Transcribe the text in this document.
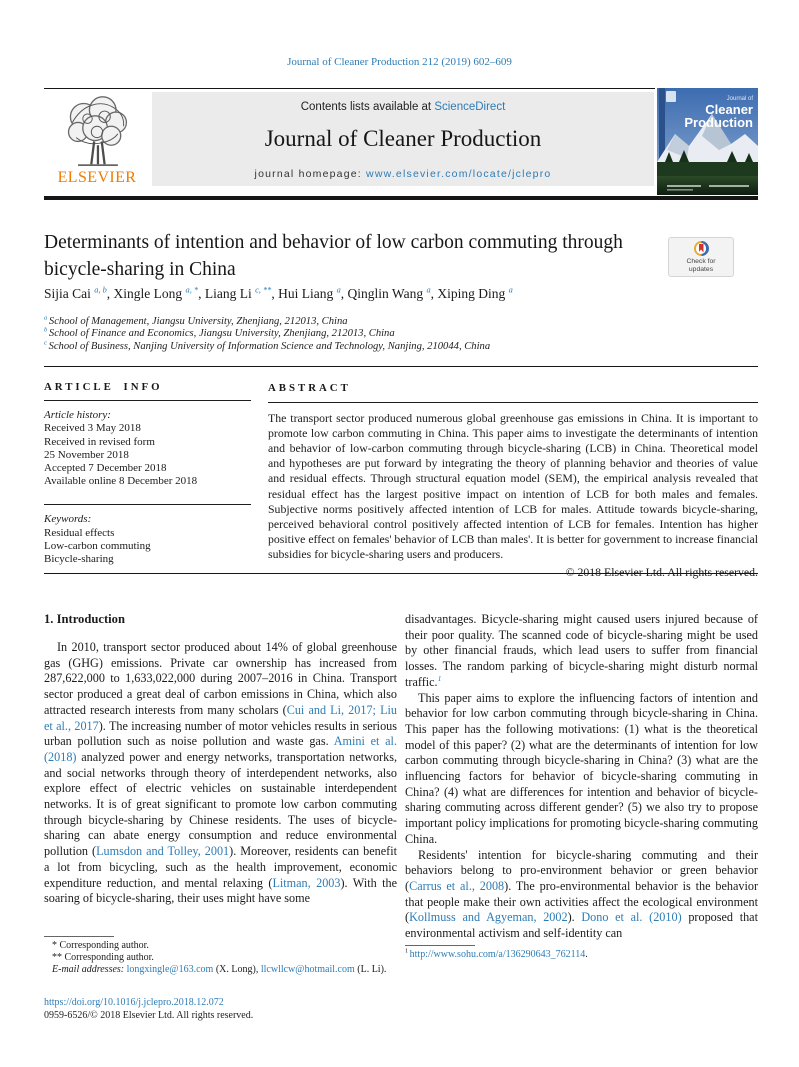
Journal of Cleaner Production 212 (2019) 602–609
ELSEVIER
Contents lists available at ScienceDirect
Journal of Cleaner Production
journal homepage: www.elsevier.com/locate/jclepro
Journal of
Cleaner
Production
Determinants of intention and behavior of low carbon commuting through bicycle-sharing in China	Check for
updates
Sijia Cai $^{a, b}$, Xingle Long $^{a, *}$, Liang Li $^{c, **}$, Hui Liang $^a$, Qinglin Wang $^a$, Xiping Ding $^a$
$^a$ School of Management, Jiangsu University, Zhenjiang, 212013, China
$^b$ School of Finance and Economics, Jiangsu University, Zhenjiang, 212013, China
$^c$ School of Business, Nanjing University of Information Science and Technology, Nanjing, 210044, China
ARTICLE INFO
Article history:
Received 3 May 2018
Received in revised form
25 November 2018
Accepted 7 December 2018
Available online 8 December 2018
Keywords:
Residual effects
Low-carbon commuting
Bicycle-sharing
ABSTRACT
The transport sector produced numerous global greenhouse gas emissions in China. It is important to promote low carbon commuting in China. This paper aims to investigate the determinants of intention and behavior of low-carbon commuting through bicycle-sharing (LCB) in China. Theoretical model and hypotheses are put forward by integrating the theory of planning behavior and theories of value and residual effects. Through structural equation model (SEM), the empirical analysis revealed that residual effect has the largest positive impact on intention of LCB for both males and females. Subjective norms positively affected intention of LCB for males. Attitude towards bicycle-sharing, perceived behavioral control positively affected intention of LCB for females. Intention has higher positive effect on females' behavior of LCB than males'. It is better for government to increase financial subsidies for bicycle-sharing users and producers.
© 2018 Elsevier Ltd. All rights reserved.
1. Introduction
In 2010, transport sector produced about 14% of global greenhouse gas (GHG) emissions. Private car ownership has increased from 287,622,000 to 1,633,022,000 during 2007–2016 in China. Transport sector produced a great deal of carbon emissions in China, which also attracted research interests from many scholars (Cui and Li, 2017; Liu et al., 2017). The increasing number of motor vehicles results in serious urban pollution such as noise pollution and waste gas. Amini et al. (2018) analyzed power and energy networks, transportation networks, and social networks through theory of interdependent networks, also explore effect of electric vehicles on sustainable interdependent networks. It is of great significant to promote low carbon commuting through bicycle-sharing by Chinese residents. The uses of bicycle-sharing can abate energy consumption and reduce environmental pollution (Lumsdon and Tolley, 2001). Moreover, residents can benefit a lot from bicycling, such as the health improvement, economic expenditure reduction, and mental relaxing (Litman, 2003). With the soaring of bicycle-sharing, their uses might have some
disadvantages. Bicycle-sharing might caused users injured because of their poor quality. The scanned code of bicycle-sharing might be used by other financial frauds, which lead users to suffer from financial losses. The random parking of bicycle-sharing might disturb normal traffic.$^1$
This paper aims to explore the influencing factors of intention and behavior for low carbon commuting through bicycle-sharing in China. This paper has the following motivations: (1) what is the theoretical model of this paper? (2) what are the determinants of intention for low carbon commuting through bicycle-sharing in China? (3) what are the influencing factors for behavior of bicycle-sharing commuting in China? (4) what are differences for intention and behavior of bicycle-sharing commuting across different gender? (5) we also try to propose important policy implications for promoting bicycle-sharing commuting China.
Residents' intention for bicycle-sharing commuting and their behaviors belong to pro-environment behavior or green behavior (Carrus et al., 2008). The pro-environmental behavior is the behavior that people make their own activities affect the ecological environment (Kollmuss and Agyeman, 2002). Dono et al. (2010) proposed that environmental activism and self-identity can
* Corresponding author.
** Corresponding author.
E-mail addresses: longxingle@163.com (X. Long), llcwllcw@hotmail.com (L. Li).
https://doi.org/10.1016/j.jclepro.2018.12.072
0959-6526/© 2018 Elsevier Ltd. All rights reserved.
$^1$ http://www.sohu.com/a/136290643_762114.
